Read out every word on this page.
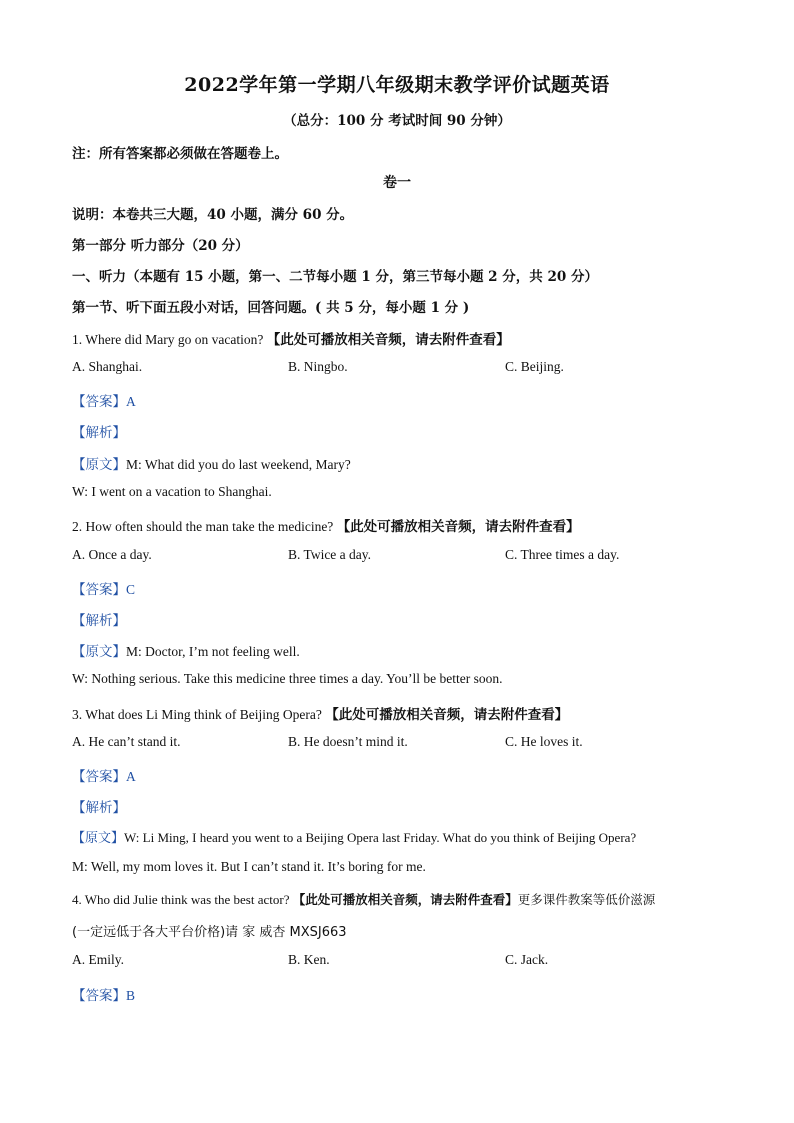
2022学年第一学期八年级期末教学评价试题英语
（总分：100 分 考试时间 90 分钟）
注：所有答案都必须做在答题卷上。
卷一
说明：本卷共三大题，40 小题，满分 60 分。
第一部分 听力部分（20 分）
一、听力（本题有 15 小题，第一、二节每小题 1 分，第三节每小题 2 分，共 20 分）
第一节、听下面五段小对话，回答问题。( 共 5 分，每小题 1 分 )
1. Where did Mary go on vacation? 【此处可播放相关音频，请去附件查看】
A. Shanghai.	B. Ningbo.	C. Beijing.
【答案】A
【解析】
【原文】M: What did you do last weekend, Mary?
W: I went on a vacation to Shanghai.
2. How often should the man take the medicine? 【此处可播放相关音频，请去附件查看】
A. Once a day.	B. Twice a day.	C. Three times a day.
【答案】C
【解析】
【原文】M: Doctor, I’m not feeling well.
W: Nothing serious. Take this medicine three times a day. You’ll be better soon.
3. What does Li Ming think of Beijing Opera? 【此处可播放相关音频，请去附件查看】
A. He can’t stand it.	B. He doesn’t mind it.	C. He loves it.
【答案】A
【解析】
【原文】W: Li Ming, I heard you went to a Beijing Opera last Friday. What do you think of Beijing Opera?
M: Well, my mom loves it. But I can’t stand it. It’s boring for me.
4. Who did Julie think was the best actor? 【此处可播放相关音频，请去附件查看】更多课件教案等低价滋源
(一定远低于各大平台价格)请 家 威杏 MXSJ663
A. Emily.	B. Ken.	C. Jack.
【答案】B
